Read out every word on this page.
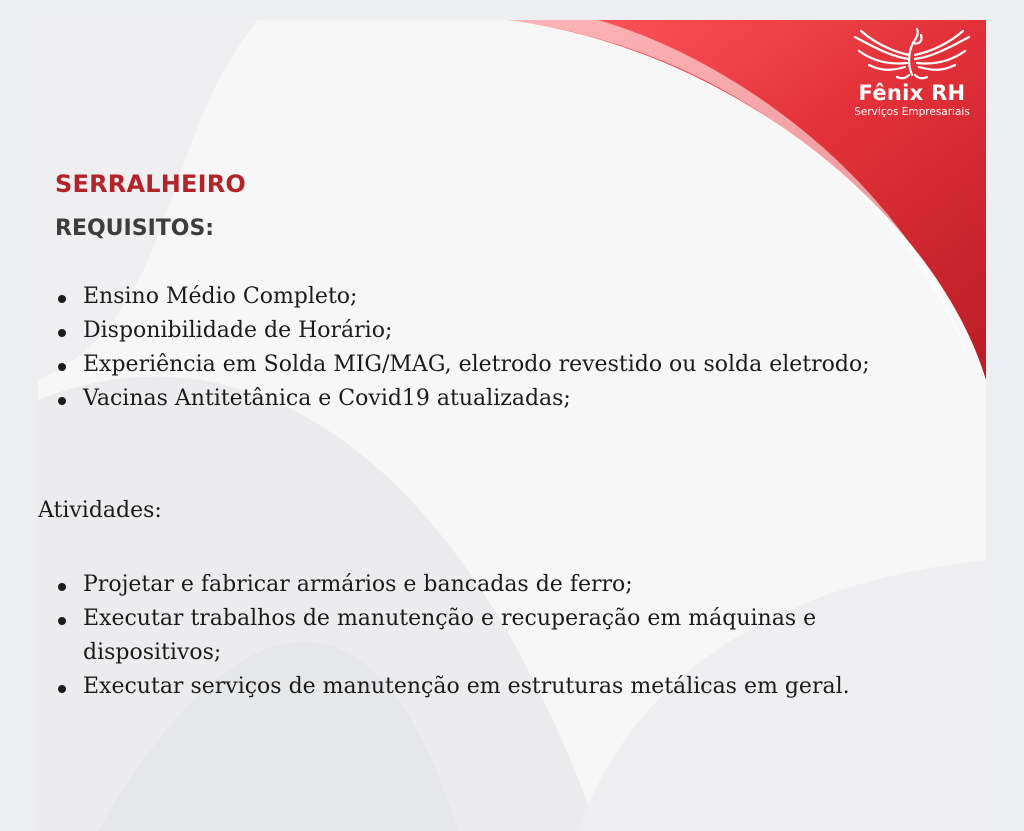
Fênix RH
Serviços Empresariais
SERRALHEIRO
REQUISITOS:
Ensino Médio Completo;
Disponibilidade de Horário;
Experiência em Solda MIG/MAG, eletrodo revestido ou solda eletrodo;
Vacinas Antitetânica e Covid19 atualizadas;
Atividades:
Projetar e fabricar armários e bancadas de ferro;
Executar trabalhos de manutenção e recuperação em máquinas e dispositivos;
Executar serviços de manutenção em estruturas metálicas em geral.
